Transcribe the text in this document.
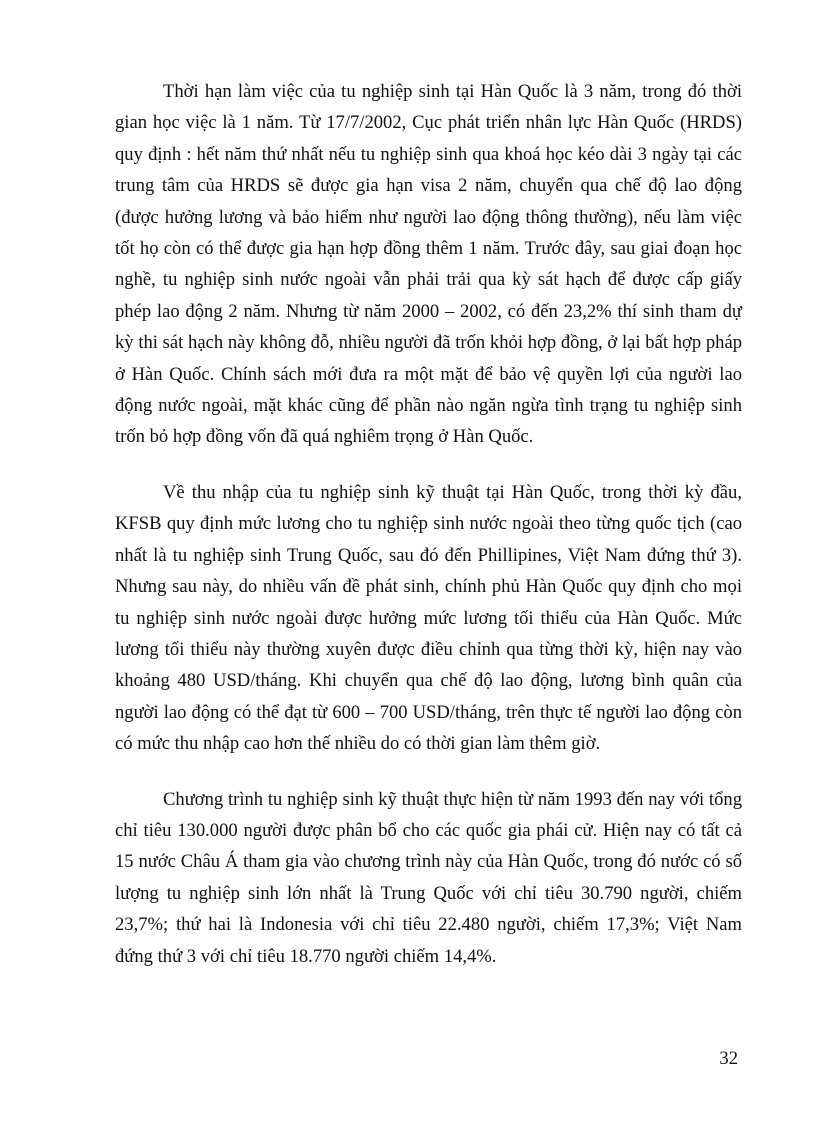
Thời hạn làm việc của tu nghiệp sinh tại Hàn Quốc là 3 năm, trong đó thời gian học việc là 1 năm. Từ 17/7/2002, Cục phát triển nhân lực Hàn Quốc (HRDS) quy định : hết năm thứ nhất nếu tu nghiệp sinh qua khoá học kéo dài 3 ngày tại các trung tâm của HRDS sẽ được gia hạn visa 2 năm, chuyển qua chế độ lao động (được hưởng lương và bảo hiểm như người lao động thông thường), nếu làm việc tốt họ còn có thể được gia hạn hợp đồng thêm 1 năm. Trước đây, sau giai đoạn học nghề, tu nghiệp sinh nước ngoài vẫn phải trải qua kỳ sát hạch để được cấp giấy phép lao động 2 năm. Nhưng từ năm 2000 – 2002, có đến 23,2% thí sinh tham dự kỳ thi sát hạch này không đỗ, nhiều người đã trốn khỏi hợp đồng, ở lại bất hợp pháp ở Hàn Quốc. Chính sách mới đưa ra một mặt để bảo vệ quyền lợi của người lao động nước ngoài, mặt khác cũng để phần nào ngăn ngừa tình trạng tu nghiệp sinh trốn bỏ hợp đồng vốn đã quá nghiêm trọng ở Hàn Quốc.

Về thu nhập của tu nghiệp sinh kỹ thuật tại Hàn Quốc, trong thời kỳ đầu, KFSB quy định mức lương cho tu nghiệp sinh nước ngoài theo từng quốc tịch (cao nhất là tu nghiệp sinh Trung Quốc, sau đó đến Phillipines, Việt Nam đứng thứ 3). Nhưng sau này, do nhiều vấn đề phát sinh, chính phủ Hàn Quốc quy định cho mọi tu nghiệp sinh nước ngoài được hưởng mức lương tối thiểu của Hàn Quốc. Mức lương tối thiểu này thường xuyên được điều chỉnh qua từng thời kỳ, hiện nay vào khoảng 480 USD/tháng. Khi chuyển qua chế độ lao động, lương bình quân của người lao động có thể đạt từ 600 – 700 USD/tháng, trên thực tế người lao động còn có mức thu nhập cao hơn thế nhiều do có thời gian làm thêm giờ.

Chương trình tu nghiệp sinh kỹ thuật thực hiện từ năm 1993 đến nay với tổng chỉ tiêu 130.000 người được phân bổ cho các quốc gia phái cử. Hiện nay có tất cả 15 nước Châu Á tham gia vào chương trình này của Hàn Quốc, trong đó nước có số lượng tu nghiệp sinh lớn nhất là Trung Quốc với chỉ tiêu 30.790 người, chiếm 23,7%; thứ hai là Indonesia với chỉ tiêu 22.480 người, chiếm 17,3%; Việt Nam đứng thứ 3 với chỉ tiêu 18.770 người chiếm 14,4%.

32
